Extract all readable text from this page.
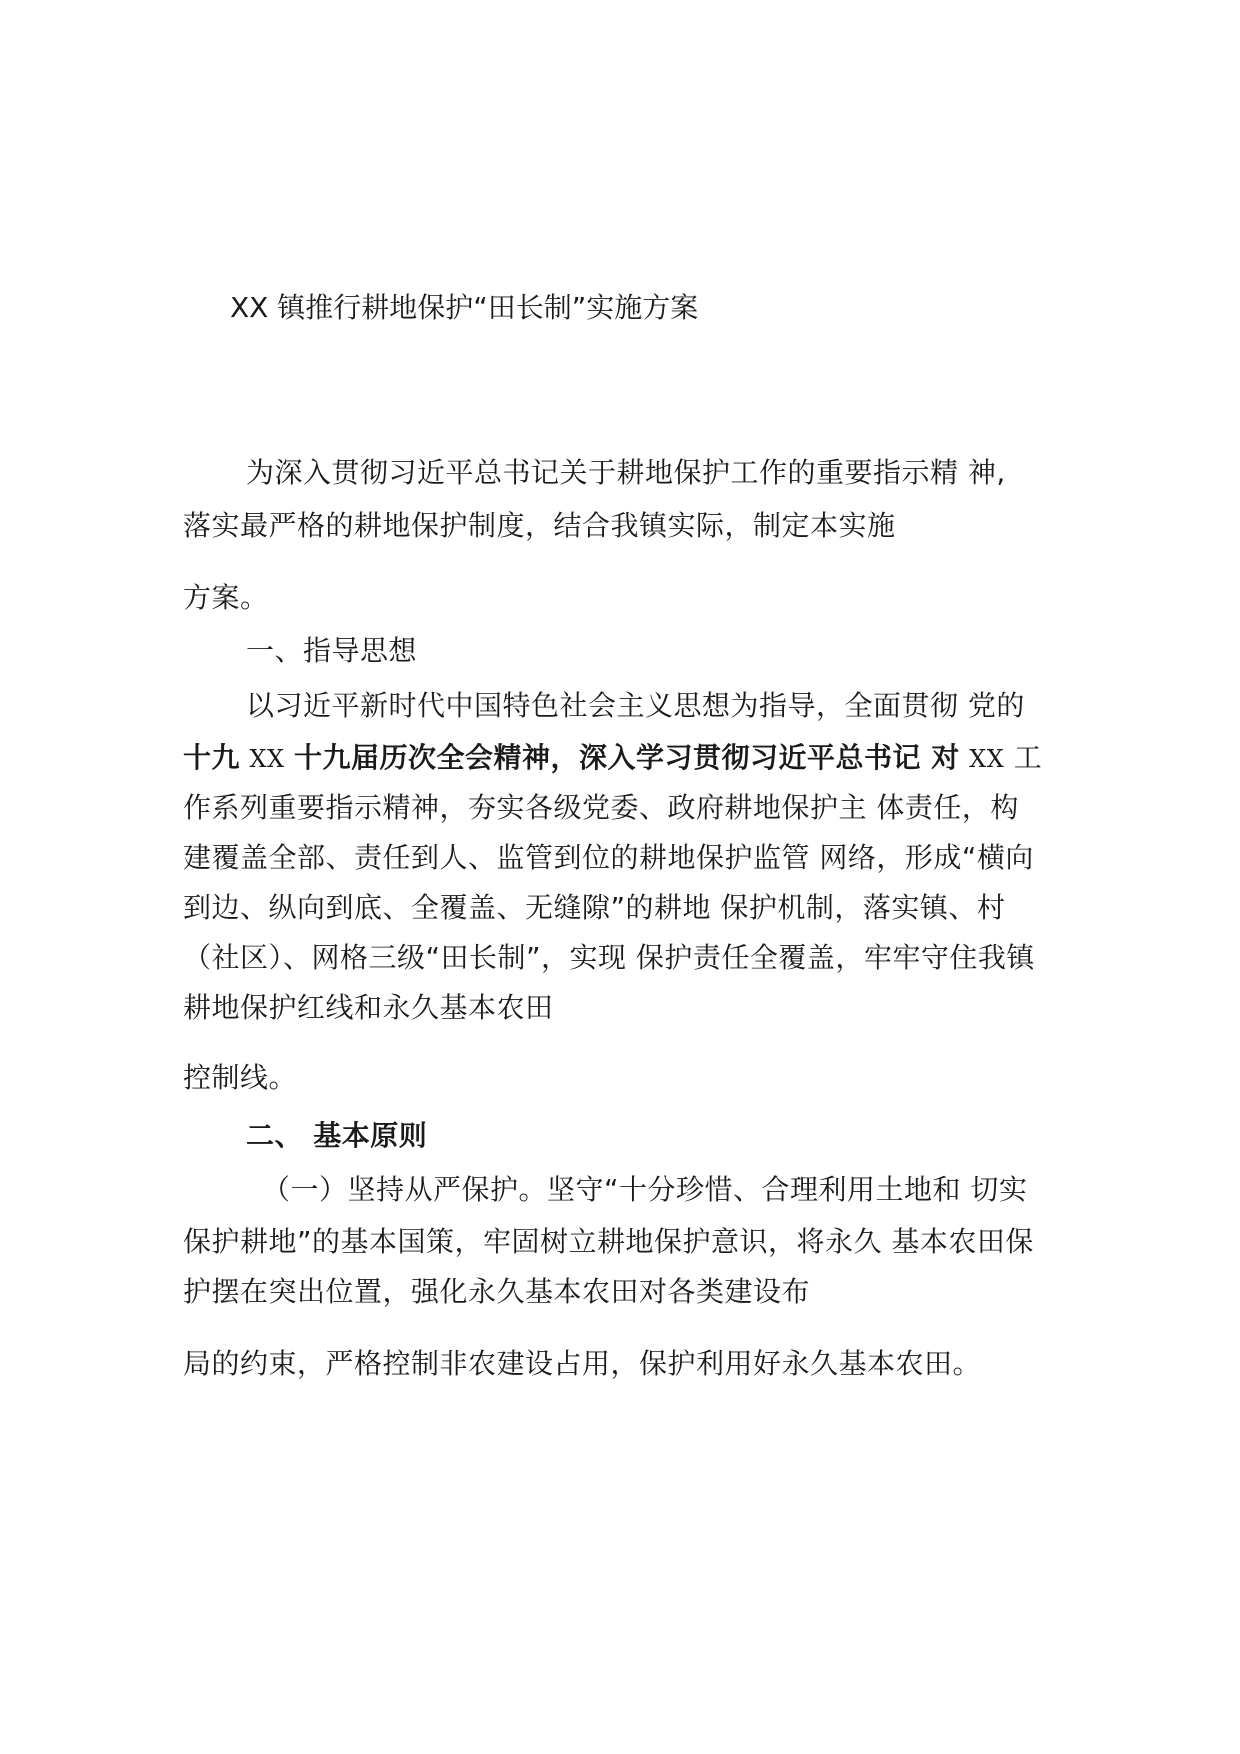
XX 镇推行耕地保护“田长制”实施方案
为深入贯彻习近平总书记关于耕地保护工作的重要指示精 神,
落实最严格的耕地保护制度，结合我镇实际，制定本实施
方案。
一、指导思想
以习近平新时代中国特色社会主义思想为指导，全面贯彻 党的
十九 XX 十九届历次全会精神，深入学习贯彻习近平总书记 对 XX 工
作系列重要指示精神，夯实各级党委、政府耕地保护主 体责任，构
建覆盖全部、责任到人、监管到位的耕地保护监管 网络，形成“横向
到边、纵向到底、全覆盖、无缝隙”的耕地 保护机制，落实镇、村
（社区）、网格三级“田长制”，实现 保护责任全覆盖，牢牢守住我镇
耕地保护红线和永久基本农田
控制线。
二、 基本原则
（一）坚持从严保护。坚守“十分珍惜、合理利用土地和 切实
保护耕地”的基本国策，牢固树立耕地保护意识，将永久 基本农田保
护摆在突出位置，强化永久基本农田对各类建设布
局的约束，严格控制非农建设占用，保护利用好永久基本农田。
